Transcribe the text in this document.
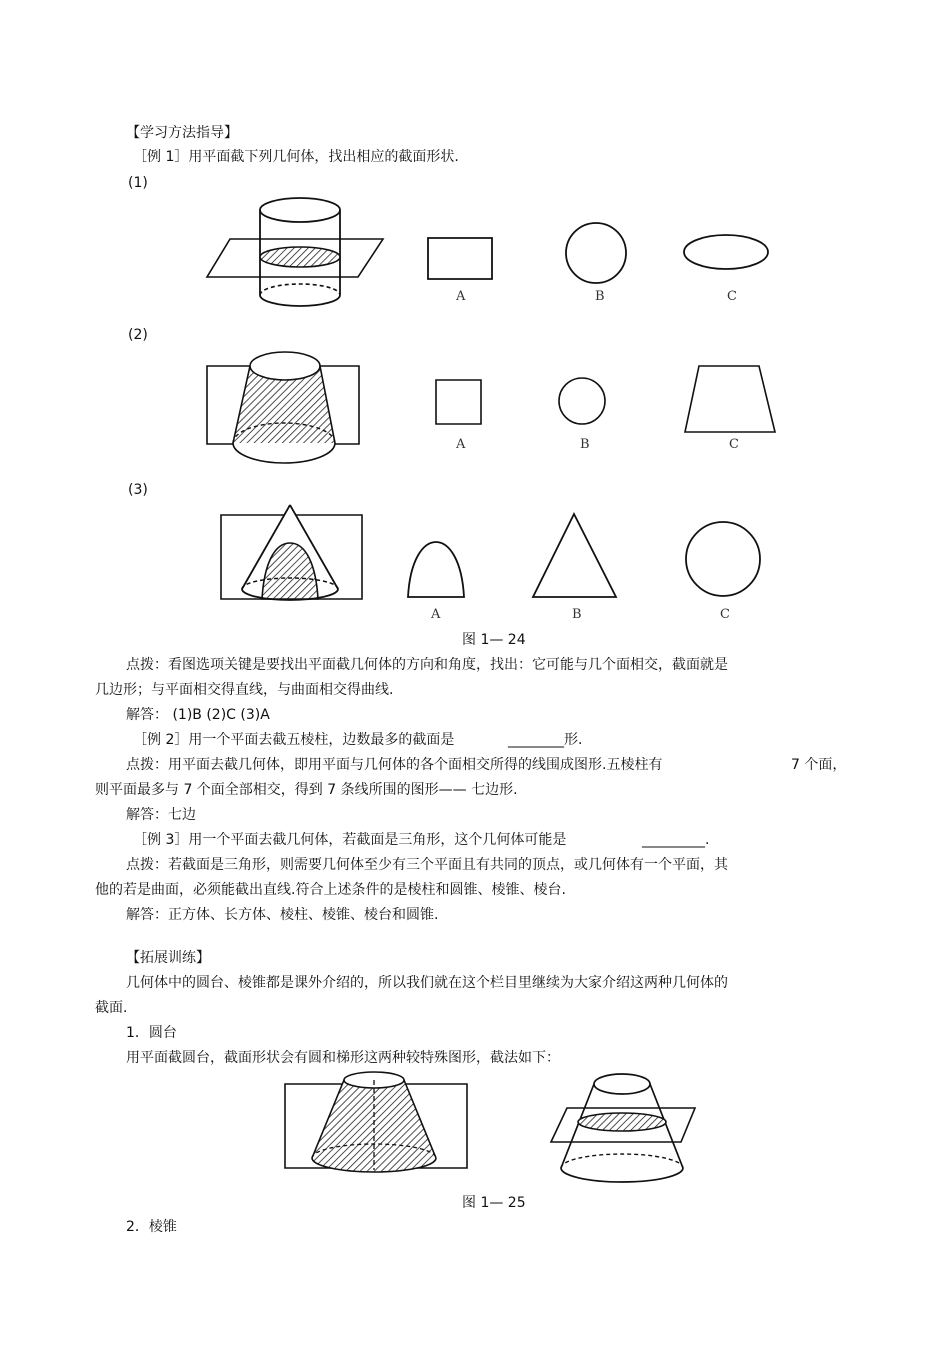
【学习方法指导】
［例 1］用平面截下列几何体，找出相应的截面形状.
(1)
A	B	C
(2)
A	B	C
(3)
A	B	C
图 1— 24
点拨：看图选项关键是要找出平面截几何体的方向和角度，找出：它可能与几个面相交，截面就是
几边形；与平面相交得直线，与曲面相交得曲线.
解答： (1)B (2)C (3)A
［例 2］用一个平面去截五棱柱，边数最多的截面是	________形.
点拨：用平面去截几何体，即用平面与几何体的各个面相交所得的线围成图形.五棱柱有	7 个面，
则平面最多与 7 个面全部相交，得到 7 条线所围的图形—— 七边形.
解答：七边
［例 3］用一个平面去截几何体，若截面是三角形，这个几何体可能是	_________.
点拨：若截面是三角形，则需要几何体至少有三个平面且有共同的顶点，或几何体有一个平面，其
他的若是曲面，必须能截出直线.符合上述条件的是棱柱和圆锥、棱锥、棱台.
解答：正方体、长方体、棱柱、棱锥、棱台和圆锥.
【拓展训练】
几何体中的圆台、棱锥都是课外介绍的，所以我们就在这个栏目里继续为大家介绍这两种几何体的
截面.
1．圆台
用平面截圆台，截面形状会有圆和梯形这两种较特殊图形，截法如下：
图 1— 25
2．棱锥
